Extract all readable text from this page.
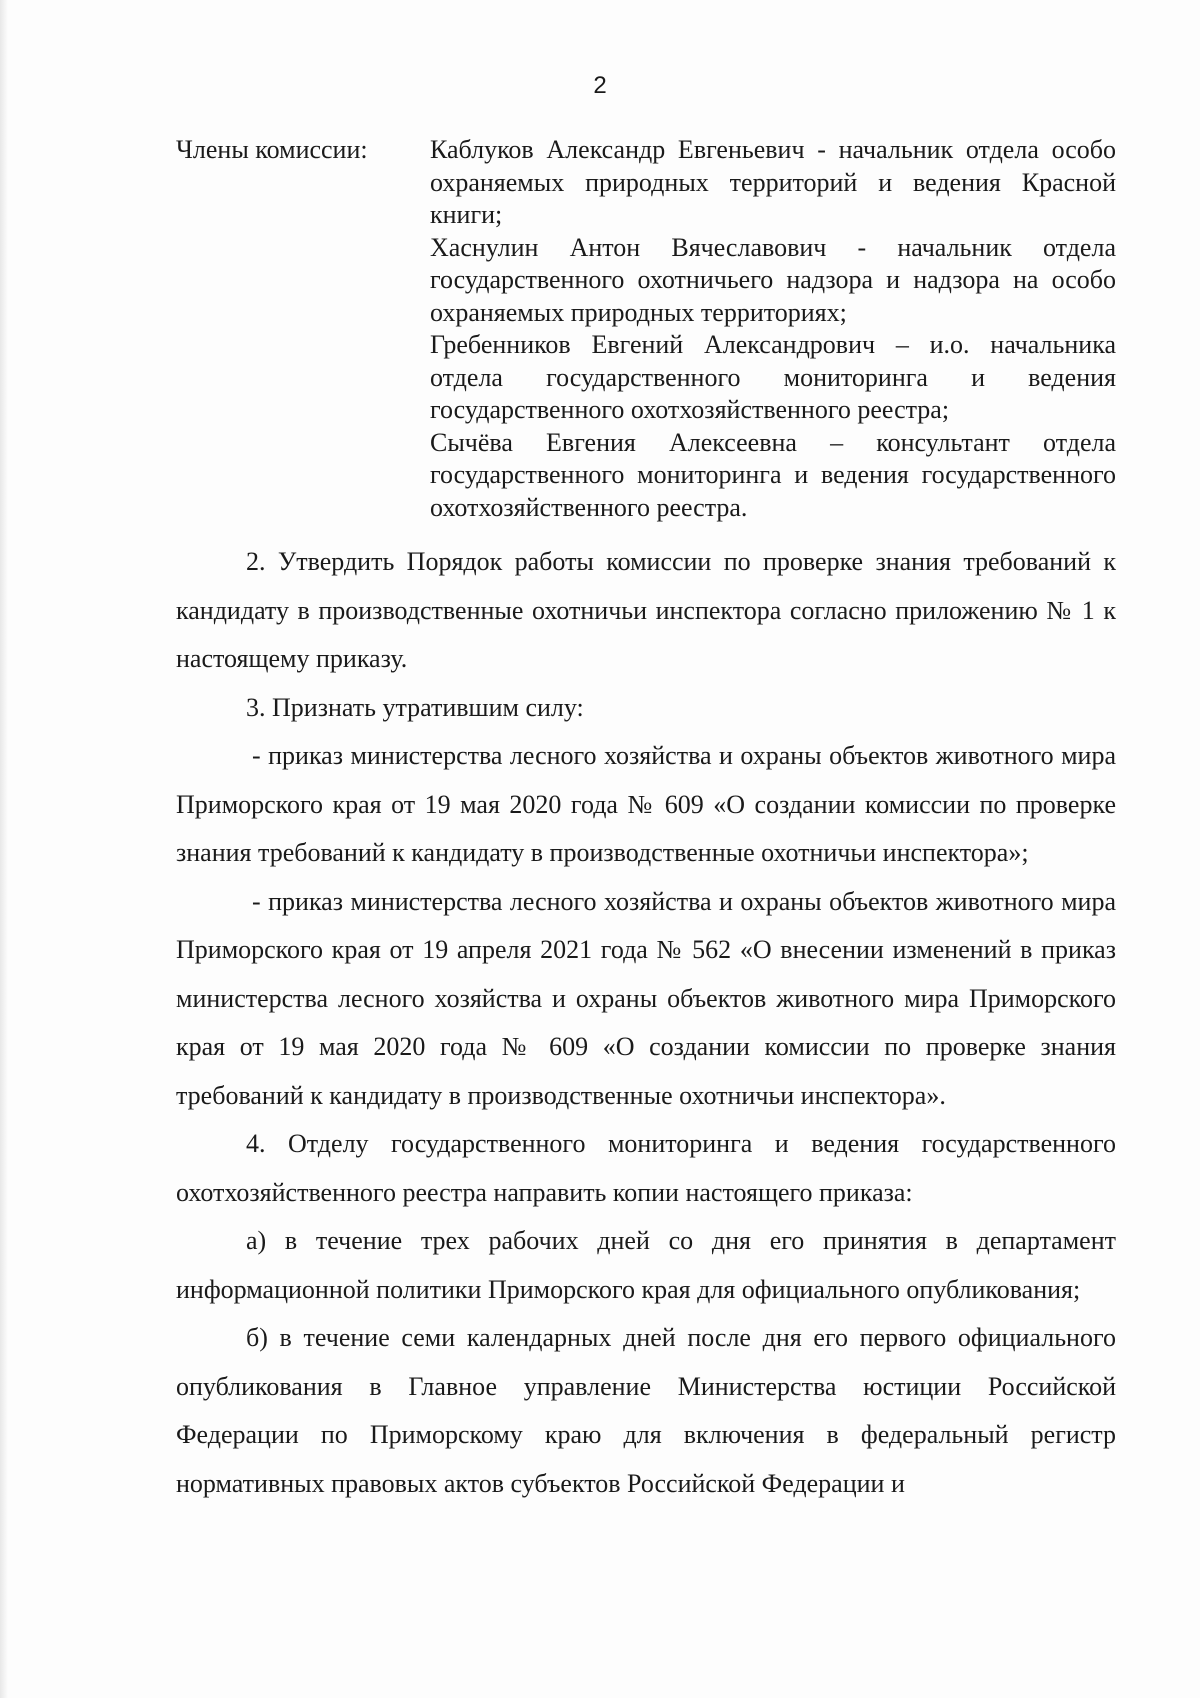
2
Члены комиссии:	Каблуков Александр Евгеньевич - начальник отдела особо охраняемых природных территорий и ведения Красной книги;
Хаснулин Антон Вячеславович - начальник отдела государственного охотничьего надзора и надзора на особо охраняемых природных территориях;
Гребенников Евгений Александрович – и.о. начальника отдела государственного мониторинга и ведения государственного охотхозяйственного реестра;
Сычёва Евгения Алексеевна – консультант отдела государственного мониторинга и ведения государственного охотхозяйственного реестра.

2. Утвердить Порядок работы комиссии по проверке знания требований к кандидату в производственные охотничьи инспектора согласно приложению № 1 к настоящему приказу.

3. Признать утратившим силу:

- приказ министерства лесного хозяйства и охраны объектов животного мира Приморского края от 19 мая 2020 года № 609 «О создании комиссии по проверке знания требований к кандидату в производственные охотничьи инспектора»;

- приказ министерства лесного хозяйства и охраны объектов животного мира Приморского края от 19 апреля 2021 года № 562 «О внесении изменений в приказ министерства лесного хозяйства и охраны объектов животного мира Приморского края от 19 мая 2020 года № 609 «О создании комиссии по проверке знания требований к кандидату в производственные охотничьи инспектора».

4. Отделу государственного мониторинга и ведения государственного охотхозяйственного реестра направить копии настоящего приказа:

а) в течение трех рабочих дней со дня его принятия в департамент информационной политики Приморского края для официального опубликования;

б) в течение семи календарных дней после дня его первого официального опубликования в Главное управление Министерства юстиции Российской Федерации по Приморскому краю для включения в федеральный регистр нормативных правовых актов субъектов Российской Федерации и
